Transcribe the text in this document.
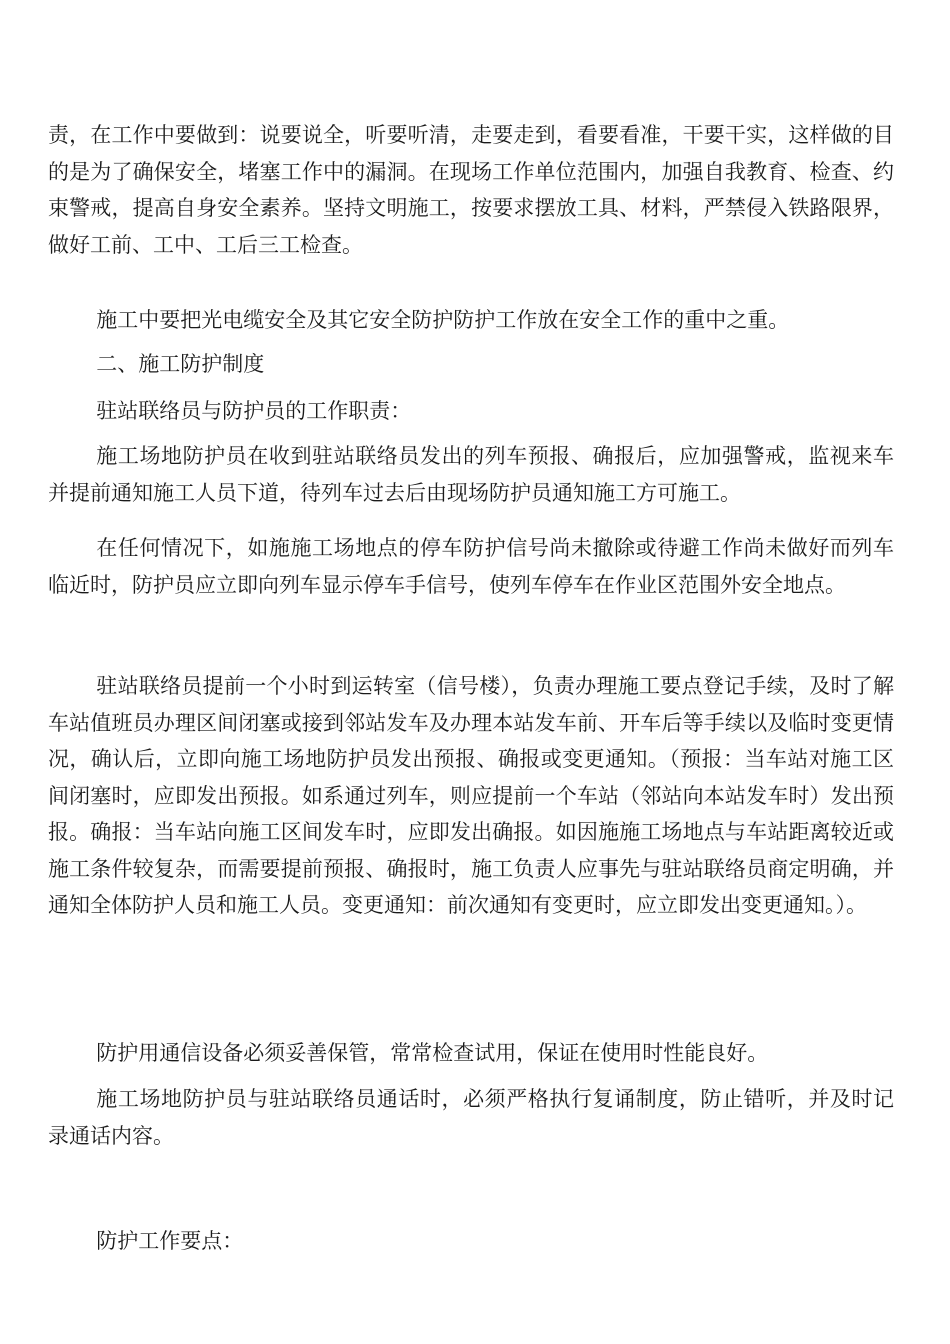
责，在工作中要做到：说要说全，听要听清，走要走到，看要看准，干要干实，这样做的目的是为了确保安全，堵塞工作中的漏洞。在现场工作单位范围内，加强自我教育、检查、约束警戒，提高自身安全素养。坚持文明施工，按要求摆放工具、材料，严禁侵入铁路限界，做好工前、工中、工后三工检查。

施工中要把光电缆安全及其它安全防护防护工作放在安全工作的重中之重。

二、施工防护制度

驻站联络员与防护员的工作职责：

施工场地防护员在收到驻站联络员发出的列车预报、确报后，应加强警戒，监视来车并提前通知施工人员下道，待列车过去后由现场防护员通知施工方可施工。

在任何情况下，如施施工场地点的停车防护信号尚未撤除或待避工作尚未做好而列车临近时，防护员应立即向列车显示停车手信号，使列车停车在作业区范围外安全地点。

驻站联络员提前一个小时到运转室（信号楼），负责办理施工要点登记手续，及时了解车站值班员办理区间闭塞或接到邻站发车及办理本站发车前、开车后等手续以及临时变更情况，确认后，立即向施工场地防护员发出预报、确报或变更通知。（预报：当车站对施工区间闭塞时，应即发出预报。如系通过列车，则应提前一个车站（邻站向本站发车时）发出预报。确报：当车站向施工区间发车时，应即发出确报。如因施施工场地点与车站距离较近或施工条件较复杂，而需要提前预报、确报时，施工负责人应事先与驻站联络员商定明确，并通知全体防护人员和施工人员。变更通知：前次通知有变更时，应立即发出变更通知。）。

防护用通信设备必须妥善保管，常常检查试用，保证在使用时性能良好。

施工场地防护员与驻站联络员通话时，必须严格执行复诵制度，防止错听，并及时记录通话内容。

防护工作要点：
